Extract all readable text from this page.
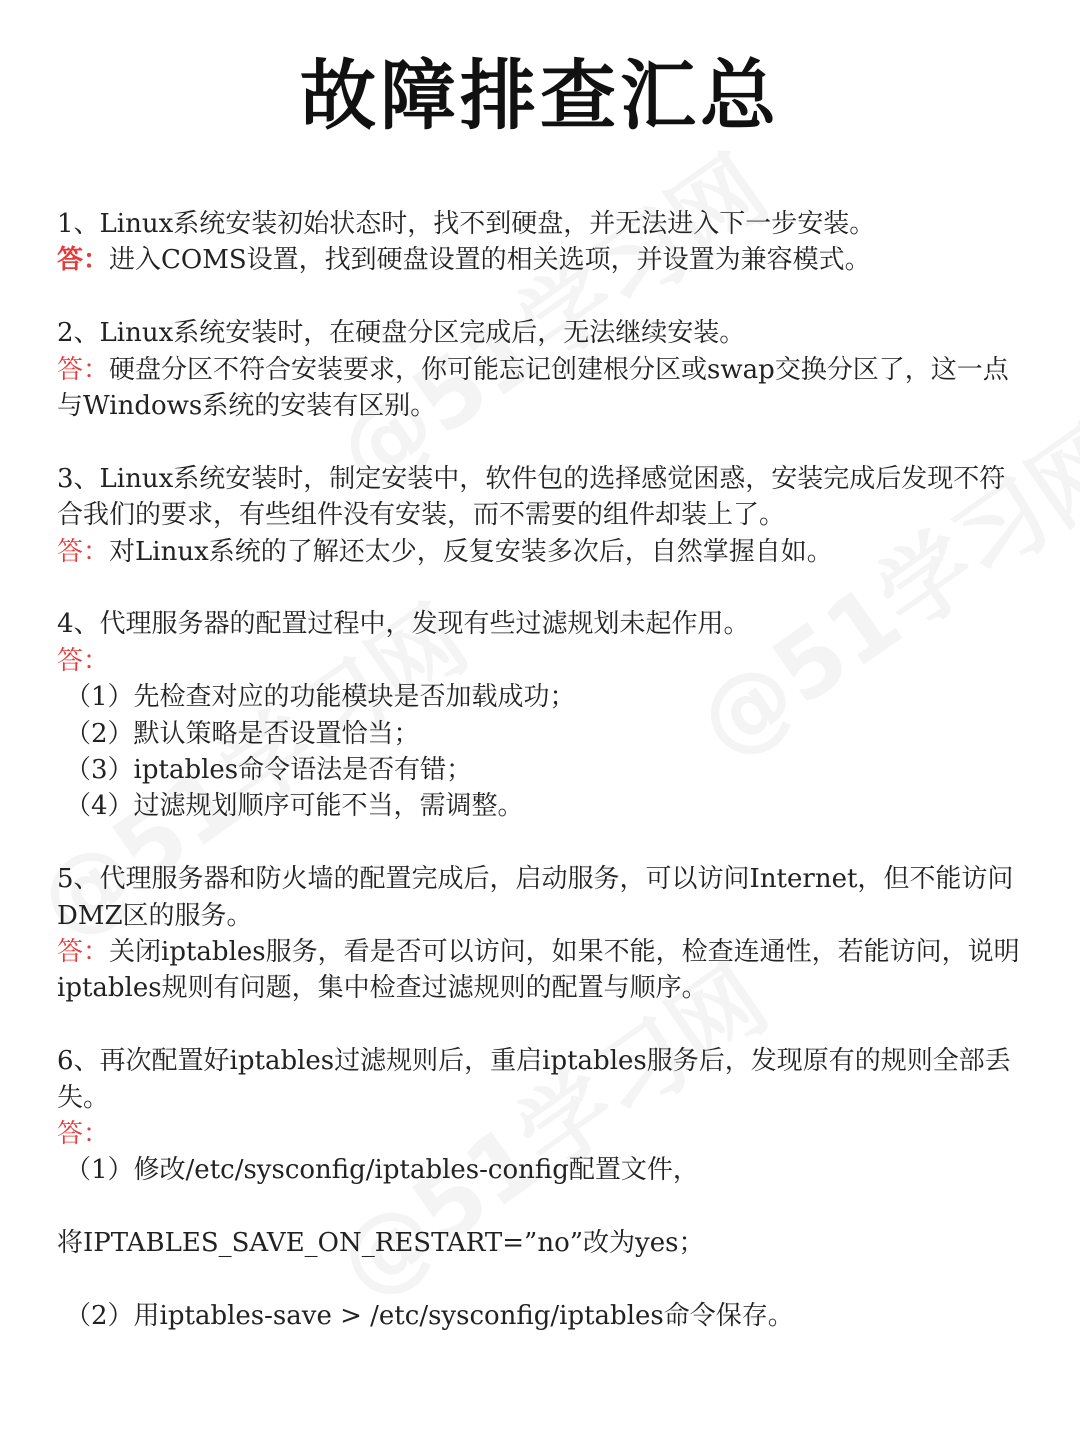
故障排查汇总
1、Linux系统安装初始状态时，找不到硬盘，并无法进入下一步安装。
答：进入COMS设置，找到硬盘设置的相关选项，并设置为兼容模式。
2、Linux系统安装时，在硬盘分区完成后，无法继续安装。
答：硬盘分区不符合安装要求，你可能忘记创建根分区或swap交换分区了，这一点与Windows系统的安装有区别。
3、Linux系统安装时，制定安装中，软件包的选择感觉困惑，安装完成后发现不符合我们的要求，有些组件没有安装，而不需要的组件却装上了。
答：对Linux系统的了解还太少，反复安装多次后，自然掌握自如。
4、代理服务器的配置过程中，发现有些过滤规划未起作用。
答：
（1）先检查对应的功能模块是否加载成功；
（2）默认策略是否设置恰当；
（3）iptables命令语法是否有错；
（4）过滤规划顺序可能不当，需调整。
5、代理服务器和防火墙的配置完成后，启动服务，可以访问Internet，但不能访问DMZ区的服务。
答：关闭iptables服务，看是否可以访问，如果不能，检查连通性，若能访问，说明iptables规则有问题，集中检查过滤规则的配置与顺序。
6、再次配置好iptables过滤规则后，重启iptables服务后，发现原有的规则全部丢失。
答：
（1）修改/etc/sysconfig/iptables-config配置文件，
将IPTABLES_SAVE_ON_RESTART=”no”改为yes；
（2）用iptables-save > /etc/sysconfig/iptables命令保存。
